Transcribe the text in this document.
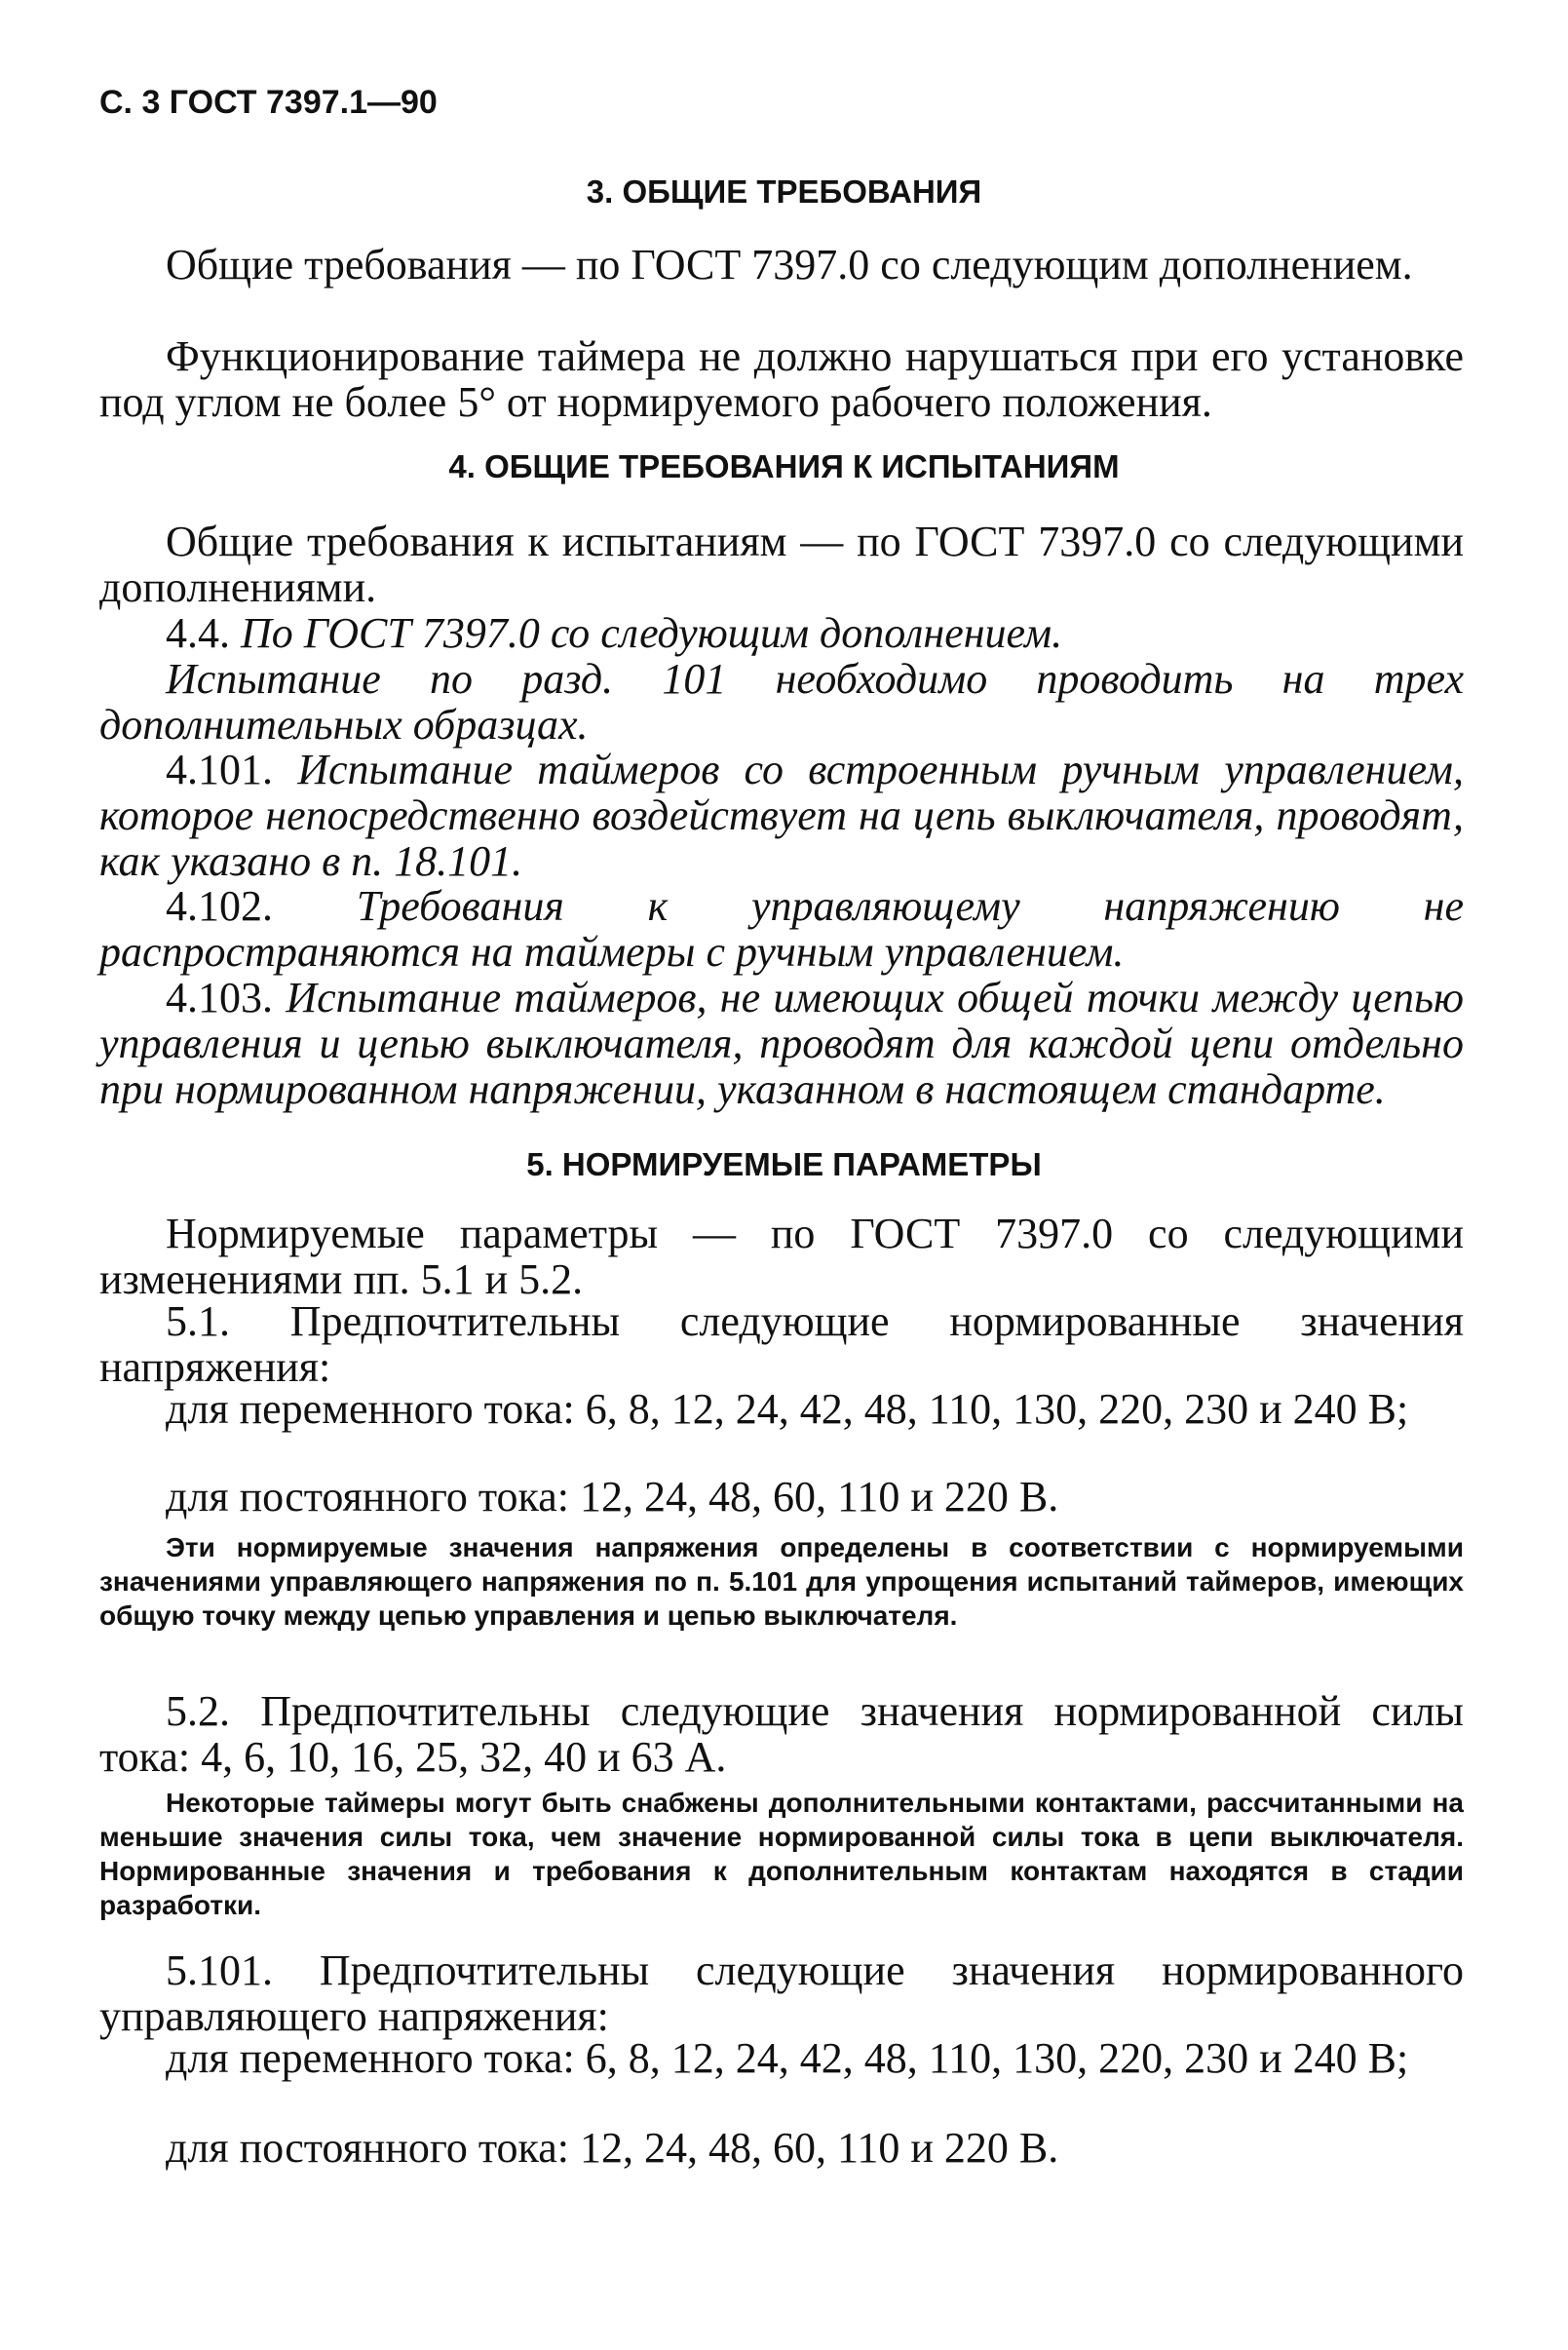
С. 3 ГОСТ 7397.1—90

3. ОБЩИЕ ТРЕБОВАНИЯ

Общие требования — по ГОСТ 7397.0 со следующим дополнением.

Функционирование таймера не должно нарушаться при его установке под углом не более 5° от нормируемого рабочего положения.

4. ОБЩИЕ ТРЕБОВАНИЯ К ИСПЫТАНИЯМ

Общие требования к испытаниям — по ГОСТ 7397.0 со следующими дополнениями.

4.4. По ГОСТ 7397.0 со следующим дополнением.

Испытание по разд. 101 необходимо проводить на трех дополнительных образцах.

4.101. Испытание таймеров со встроенным ручным управлением, которое непосредственно воздействует на цепь выключателя, проводят, как указано в п. 18.101.

4.102. Требования к управляющему напряжению не распространяются на таймеры с ручным управлением.

4.103. Испытание таймеров, не имеющих общей точки между цепью управления и цепью выключателя, проводят для каждой цепи отдельно при нормированном напряжении, указанном в настоящем стандарте.

5. НОРМИРУЕМЫЕ ПАРАМЕТРЫ

Нормируемые параметры — по ГОСТ 7397.0 со следующими изменениями пп. 5.1 и 5.2.

5.1. Предпочтительны следующие нормированные значения напряжения:

для переменного тока: 6, 8, 12, 24, 42, 48, 110, 130, 220, 230 и 240 В;

для постоянного тока: 12, 24, 48, 60, 110 и 220 В.

Эти нормируемые значения напряжения определены в соответствии с нормируемыми значениями управляющего напряжения по п. 5.101 для упрощения испытаний таймеров, имеющих общую точку между цепью управления и цепью выключателя.

5.2. Предпочтительны следующие значения нормированной силы тока: 4, 6, 10, 16, 25, 32, 40 и 63 А.

Некоторые таймеры могут быть снабжены дополнительными контактами, рассчитанными на меньшие значения силы тока, чем значение нормированной силы тока в цепи выключателя. Нормированные значения и требования к дополнительным контактам находятся в стадии разработки.

5.101. Предпочтительны следующие значения нормированного управляющего напряжения:

для переменного тока: 6, 8, 12, 24, 42, 48, 110, 130, 220, 230 и 240 В;

для постоянного тока: 12, 24, 48, 60, 110 и 220 В.
